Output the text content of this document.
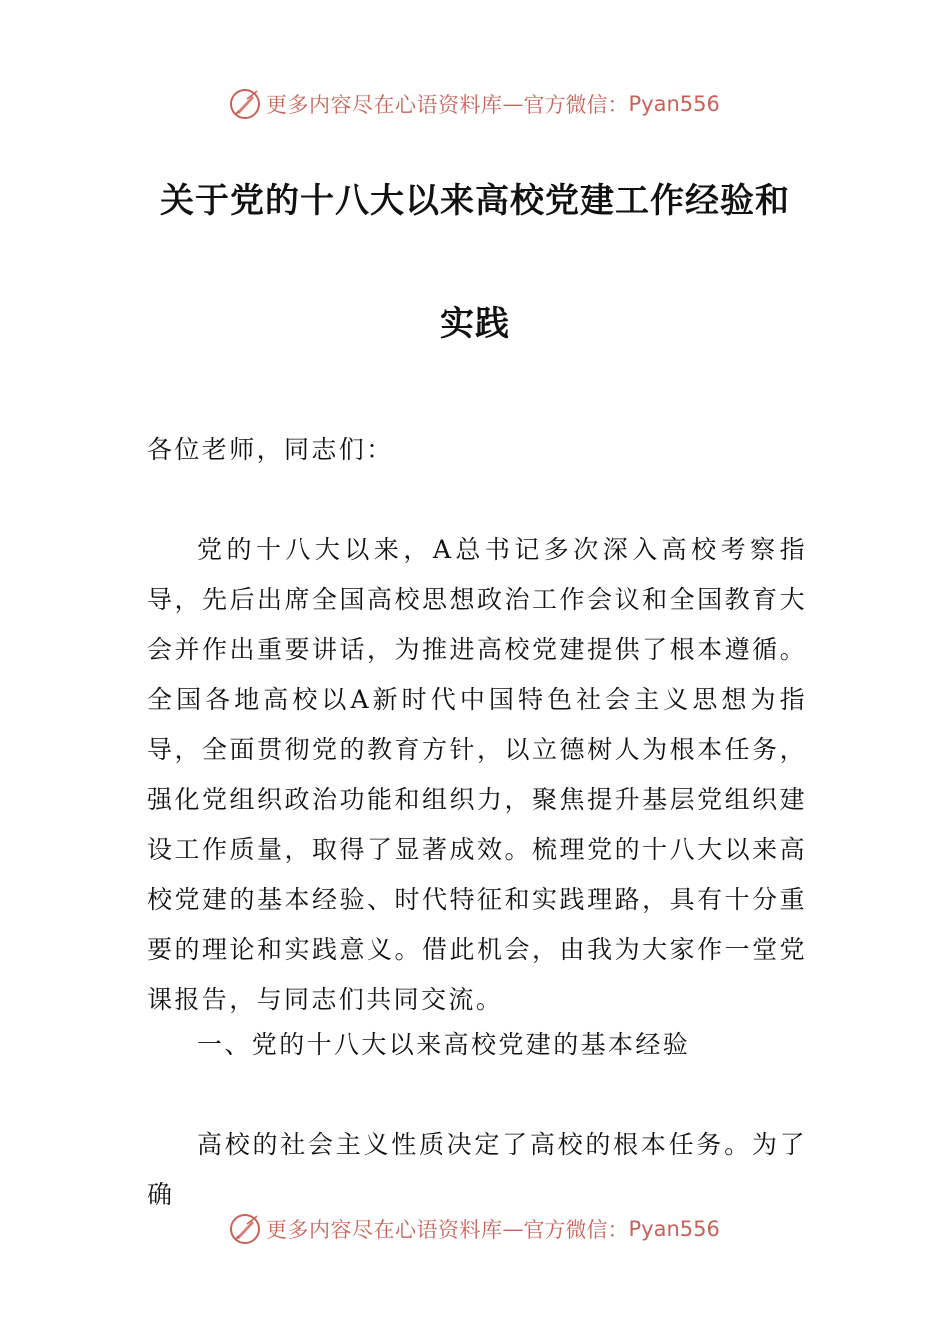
更多内容尽在心语资料库 — 官方微信： Pyan556
关于党的十八大以来高校党建工作经验和
实践

各位老师，同志们：

党的十八大以来，A总书记多次深入高校考察指导，先后出席全国高校思想政治工作会议和全国教育大会并作出重要讲话，为推进高校党建提供了根本遵循。全国各地高校以A新时代中国特色社会主义思想为指导，全面贯彻党的教育方针，以立德树人为根本任务，强化党组织政治功能和组织力，聚焦提升基层党组织建设工作质量，取得了显著成效。梳理党的十八大以来高校党建的基本经验、时代特征和实践理路，具有十分重要的理论和实践意义。借此机会，由我为大家作一堂党课报告，与同志们共同交流。

一、党的十八大以来高校党建的基本经验

高校的社会主义性质决定了高校的根本任务。为了确

更多内容尽在心语资料库 — 官方微信： Pyan556
